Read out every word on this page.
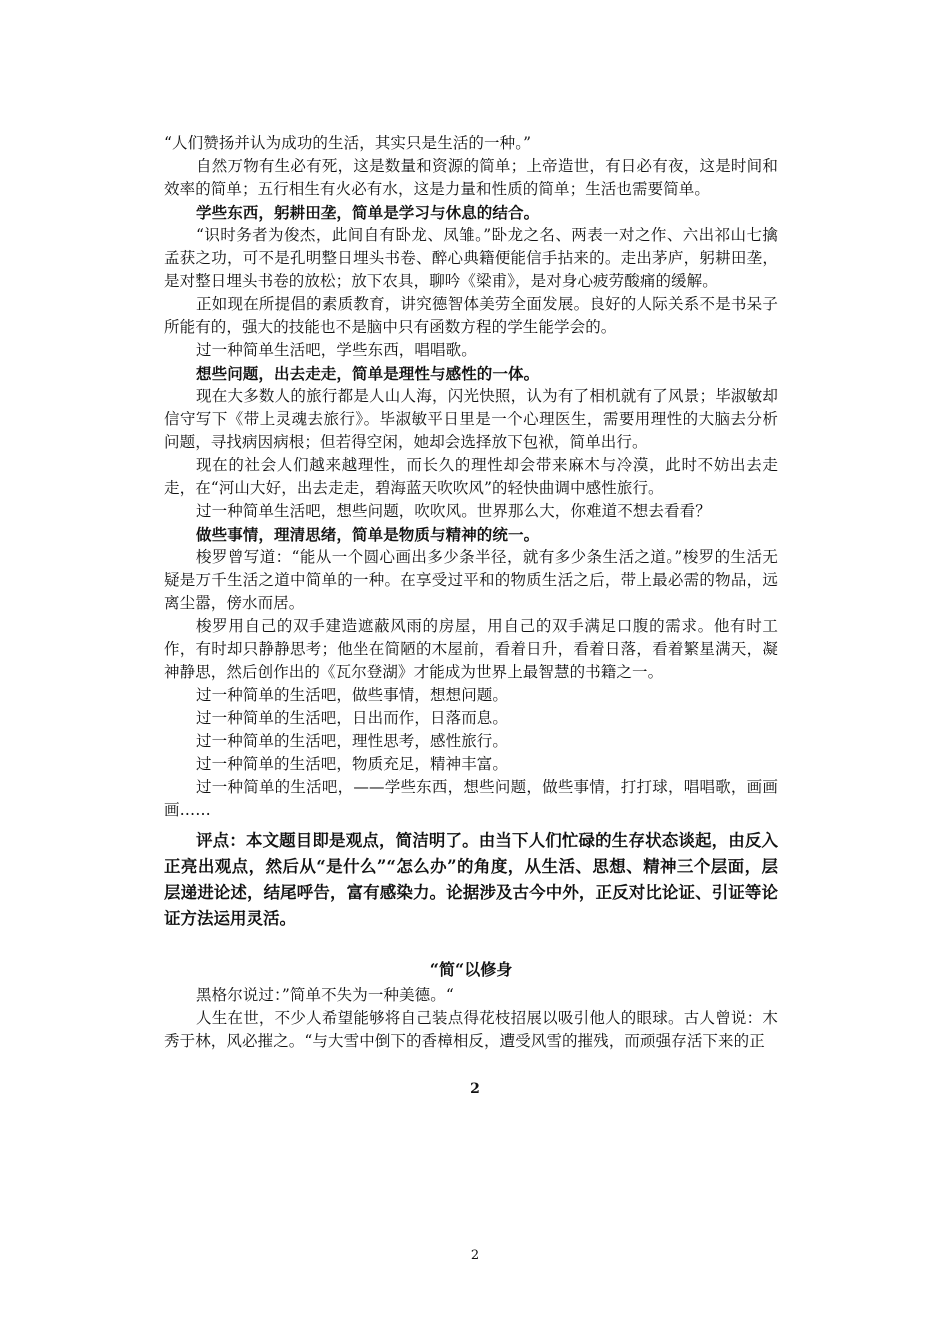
“人们赞扬并认为成功的生活，其实只是生活的一种。”

自然万物有生必有死，这是数量和资源的简单；上帝造世，有日必有夜，这是时间和效率的简单；五行相生有火必有水，这是力量和性质的简单；生活也需要简单。

学些东西，躬耕田垄，简单是学习与休息的结合。

“识时务者为俊杰，此间自有卧龙、凤雏。”卧龙之名、两表一对之作、六出祁山七擒孟获之功，可不是孔明整日埋头书卷、醉心典籍便能信手拈来的。走出茅庐，躬耕田垄，是对整日埋头书卷的放松；放下农具，聊吟《梁甫》，是对身心疲劳酸痛的缓解。

正如现在所提倡的素质教育，讲究德智体美劳全面发展。良好的人际关系不是书呆子所能有的，强大的技能也不是脑中只有函数方程的学生能学会的。

过一种简单生活吧，学些东西，唱唱歌。

想些问题，出去走走，简单是理性与感性的一体。

现在大多数人的旅行都是人山人海，闪光快照，认为有了相机就有了风景；毕淑敏却信守写下《带上灵魂去旅行》。毕淑敏平日里是一个心理医生，需要用理性的大脑去分析问题，寻找病因病根；但若得空闲，她却会选择放下包袱，简单出行。

现在的社会人们越来越理性，而长久的理性却会带来麻木与冷漠，此时不妨出去走走，在“河山大好，出去走走，碧海蓝天吹吹风”的轻快曲调中感性旅行。

过一种简单生活吧，想些问题，吹吹风。世界那么大，你难道不想去看看？

做些事情，理清思绪，简单是物质与精神的统一。

梭罗曾写道：“能从一个圆心画出多少条半径，就有多少条生活之道。”梭罗的生活无疑是万千生活之道中简单的一种。在享受过平和的物质生活之后，带上最必需的物品，远离尘嚣，傍水而居。

梭罗用自己的双手建造遮蔽风雨的房屋，用自己的双手满足口腹的需求。他有时工作，有时却只静静思考；他坐在简陋的木屋前，看着日升，看着日落，看着繁星满天，凝神静思，然后创作出的《瓦尔登湖》才能成为世界上最智慧的书籍之一。

过一种简单的生活吧，做些事情，想想问题。

过一种简单的生活吧，日出而作，日落而息。

过一种简单的生活吧，理性思考，感性旅行。

过一种简单的生活吧，物质充足，精神丰富。

过一种简单的生活吧，——学些东西，想些问题，做些事情，打打球，唱唱歌，画画画……

评点：本文题目即是观点，简洁明了。由当下人们忙碌的生存状态谈起，由反入正亮出观点，然后从“是什么”“怎么办”的角度，从生活、思想、精神三个层面，层层递进论述，结尾呼告，富有感染力。论据涉及古今中外，正反对比论证、引证等论证方法运用灵活。

“简“以修身

黑格尔说过：”简单不失为一种美德。“

人生在世，不少人希望能够将自己装点得花枝招展以吸引他人的眼球。古人曾说：木秀于林，风必摧之。“与大雪中倒下的香樟相反，遭受风雪的摧残，而顽强存活下来的正

2
2
